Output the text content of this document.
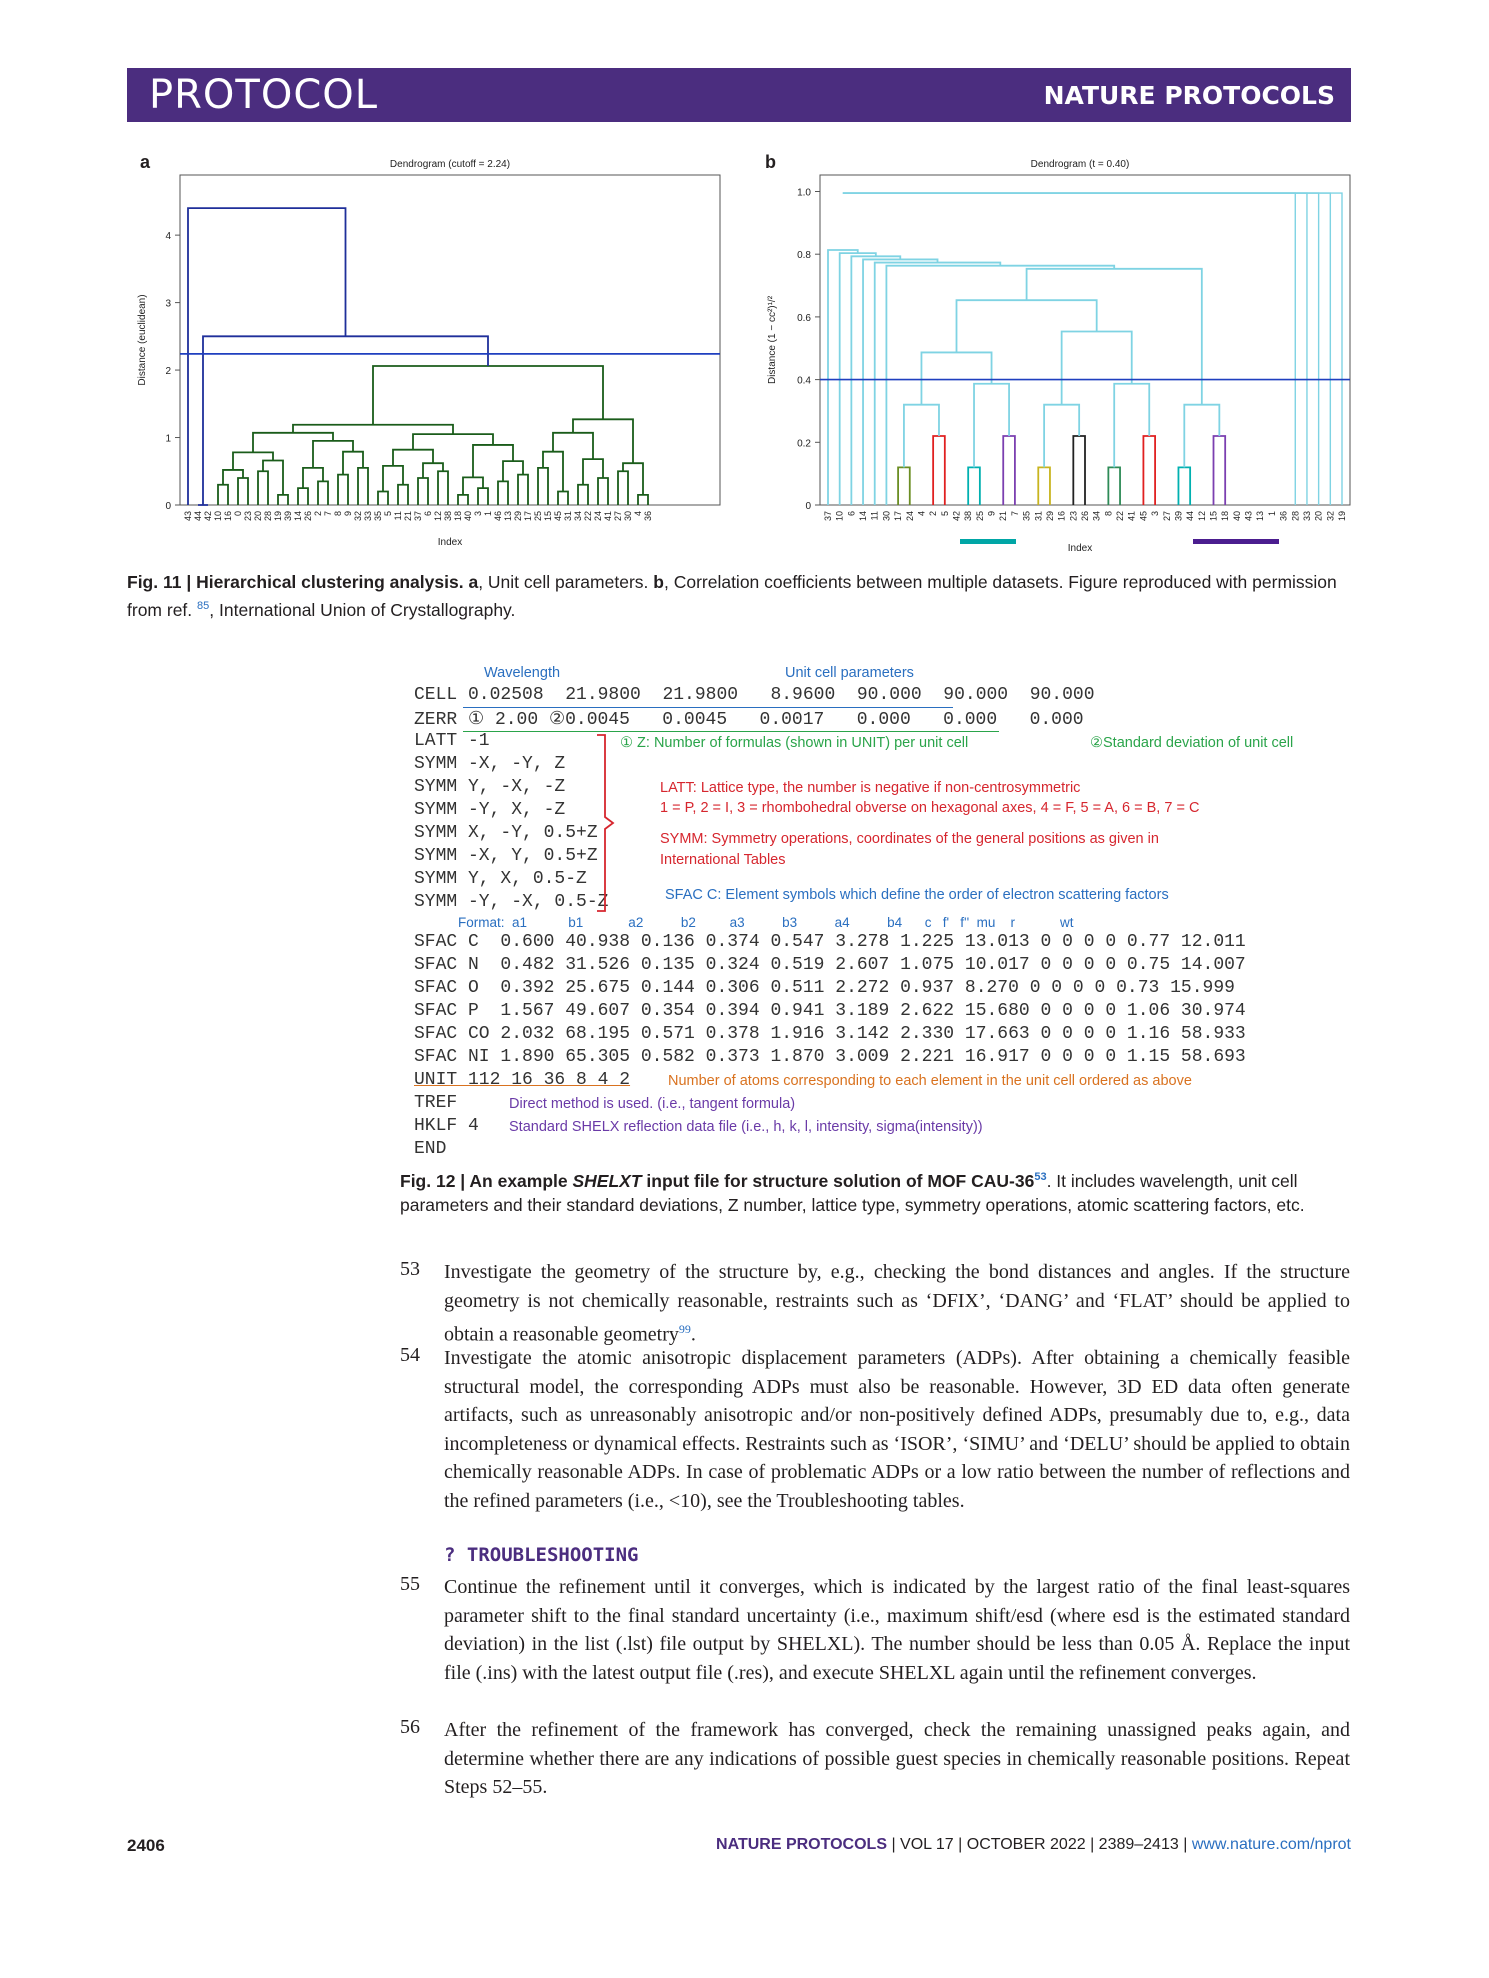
PROTOCOL	NATURE PROTOCOLS
a	b
Dendrogram (cutoff = 2.24)
0
1
2
3
4
Distance (euclidean)
43 44 42 10 16 0 23 20 28 19 39 14 26 2 7 8 9 32 33 35 5 11 21 37 6 12 38 18 40 3 1 46 13 29 17 25 15 45 31 34 22 24 41 27 30 4 36
Index
Dendrogram (t = 0.40)
0
0.2
0.4
0.6
0.8
1.0
Distance (1 − cc²)¹/²
37 10 6 14 11 30 17 24 4 2 5 42 38 25 9 21 7 35 31 29 16 23 26 34 8 22 41 45 3 27 39 44 12 15 18 40 43 13 1 36 28 33 20 32 19
Index
Fig. 11 | Hierarchical clustering analysis. a, Unit cell parameters. b, Correlation coefficients between multiple datasets. Figure reproduced with permission from ref. $^{85}$, International Union of Crystallography.
Wavelength	Unit cell parameters
CELL 0.02508  21.9800  21.9800   8.9600  90.000  90.000  90.000
ZERR ① 2.00 ②0.0045   0.0045   0.0017   0.000   0.000   0.000
LATT -1
SYMM -X, -Y, Z
SYMM Y, -X, -Z
SYMM -Y, X, -Z
SYMM X, -Y, 0.5+Z
SYMM -X, Y, 0.5+Z
SYMM Y, X, 0.5-Z
SYMM -Y, -X, 0.5-Z
① Z: Number of formulas (shown in UNIT) per unit cell	②Standard deviation of unit cell
LATT: Lattice type, the number is negative if non-centrosymmetric
1 = P, 2 = I, 3 = rhombohedral obverse on hexagonal axes, 4 = F, 5 = A, 6 = B, 7 = C
SYMM: Symmetry operations, coordinates of the general positions as given in
International Tables
SFAC C: Element symbols which define the order of electron scattering factors
Format:  a1           b1            a2          b2         a3          b3          a4          b4      c   f'   f''  mu    r            wt
SFAC C  0.600 40.938 0.136 0.374 0.547 3.278 1.225 13.013 0 0 0 0 0.77 12.011
SFAC N  0.482 31.526 0.135 0.324 0.519 2.607 1.075 10.017 0 0 0 0 0.75 14.007
SFAC O  0.392 25.675 0.144 0.306 0.511 2.272 0.937 8.270 0 0 0 0 0.73 15.999
SFAC P  1.567 49.607 0.354 0.394 0.941 3.189 2.622 15.680 0 0 0 0 1.06 30.974
SFAC CO 2.032 68.195 0.571 0.378 1.916 3.142 2.330 17.663 0 0 0 0 1.16 58.933
SFAC NI 1.890 65.305 0.582 0.373 1.870 3.009 2.221 16.917 0 0 0 0 1.15 58.693
UNIT 112 16 36 8 4 2	Number of atoms corresponding to each element in the unit cell ordered as above
TREF	Direct method is used. (i.e., tangent formula)
HKLF 4 Standard SHELX reflection data file (i.e., h, k, l, intensity, sigma(intensity))
END
Fig. 12 | An example SHELXT input file for structure solution of MOF CAU-$36^{53}$. It includes wavelength, unit cell parameters and their standard deviations, Z number, lattice type, symmetry operations, atomic scattering factors, etc.
53 Investigate the geometry of the structure by, e.g., checking the bond distances and angles. If the structure geometry is not chemically reasonable, restraints such as ‘DFIX’, ‘DANG’ and ‘FLAT’ should be applied to obtain a reasonable geometry$^{99}$.
54 Investigate the atomic anisotropic displacement parameters (ADPs). After obtaining a chemically feasible structural model, the corresponding ADPs must also be reasonable. However, 3D ED data often generate artifacts, such as unreasonably anisotropic and/or non-positively defined ADPs, presumably due to, e.g., data incompleteness or dynamical effects. Restraints such as ‘ISOR’, ‘SIMU’ and ‘DELU’ should be applied to obtain chemically reasonable ADPs. In case of problematic ADPs or a low ratio between the number of reflections and the refined parameters (i.e., <10), see the Troubleshooting tables.
? TROUBLESHOOTING
55 Continue the refinement until it converges, which is indicated by the largest ratio of the final least-squares parameter shift to the final standard uncertainty (i.e., maximum shift/esd (where esd is the estimated standard deviation) in the list (.lst) file output by SHELXL). The number should be less than 0.05 Å. Replace the input file (.ins) with the latest output file (.res), and execute SHELXL again until the refinement converges.
56 After the refinement of the framework has converged, check the remaining unassigned peaks again, and determine whether there are any indications of possible guest species in chemically reasonable positions. Repeat Steps 52–55.
2406	NATURE PROTOCOLS | VOL 17 | OCTOBER 2022 | 2389–2413 | www.nature.com/nprot
